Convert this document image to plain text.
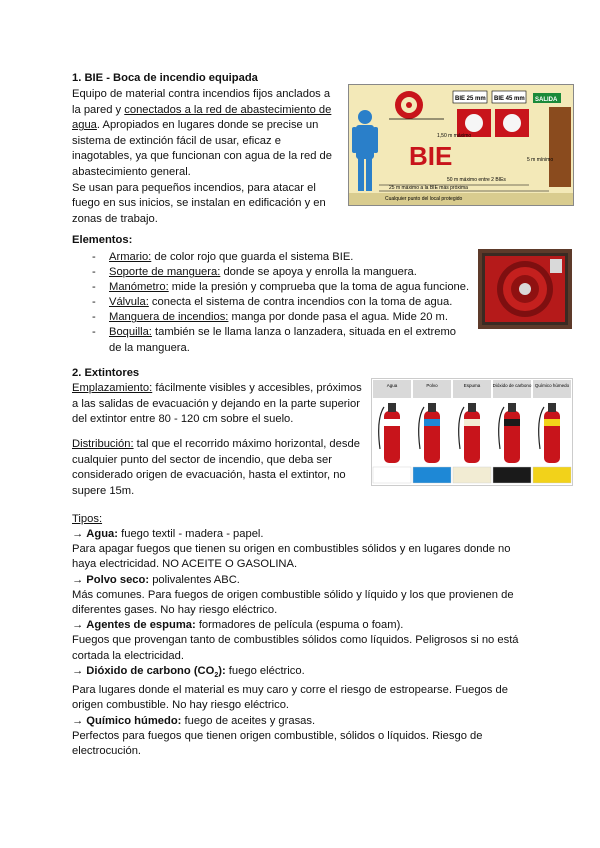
1. BIE - Boca de incendio equipada

Equipo de material contra incendios fijos anclados a la pared y conectados a la red de abastecimiento de agua. Apropiados en lugares donde se precise un sistema de extinción fácil de usar, eficaz e inagotables, ya que funcionan con agua de la red de abastecimiento general.

Se usan para pequeños incendios, para atacar el fuego en sus inicios, se instalan en edificación y en zonas de trabajo.

BIE
BIE 25 mm BIE 45 mm SALIDA
1,50 m máximo
50 m máximo entre 2 BIEs
25 m máximo a la BIE más próxima
Cualquier punto del local protegido
5 m mínimo
Elementos:
- Armario: de color rojo que guarda el sistema BIE.
- Soporte de manguera: donde se apoya y enrolla la manguera.
- Manómetro: mide la presión y comprueba que la toma de agua funcione.
- Válvula: conecta el sistema de contra incendios con la toma de agua.
- Manguera de incendios: manga por donde pasa el agua. Mide 20 m.
- Boquilla: también se le llama lanza o lanzadera, situada en el extremo de la manguera.
2. Extintores

Emplazamiento: fácilmente visibles y accesibles, próximos a las salidas de evacuación y dejando en la parte superior del extintor entre 80 - 120 cm sobre el suelo.

Distribución: tal que el recorrido máximo horizontal, desde cualquier punto del sector de incendio, que deba ser considerado origen de evacuación, hasta el extintor, no supere 15m.

Agua	Polvo	Espuma	Dióxido de carbono Químico húmedo
Tipos:

→ Agua: fuego textil - madera - papel.

Para apagar fuegos que tienen su origen en combustibles sólidos y en lugares donde no haya electricidad. NO ACEITE O GASOLINA.

→ Polvo seco: polivalentes ABC.

Más comunes. Para fuegos de origen combustible sólido y líquido y los que provienen de diferentes gases. No hay riesgo eléctrico.

→ Agentes de espuma: formadores de película (espuma o foam).

Fuegos que provengan tanto de combustibles sólidos como líquidos. Peligrosos si no está cortada la electricidad.

→ Dióxido de carbono $(CO_2)$: fuego eléctrico.

Para lugares donde el material es muy caro y corre el riesgo de estropearse. Fuegos de origen combustible. No hay riesgo eléctrico.

→ Químico húmedo: fuego de aceites y grasas.

Perfectos para fuegos que tienen origen combustible, sólidos o líquidos. Riesgo de electrocución.
